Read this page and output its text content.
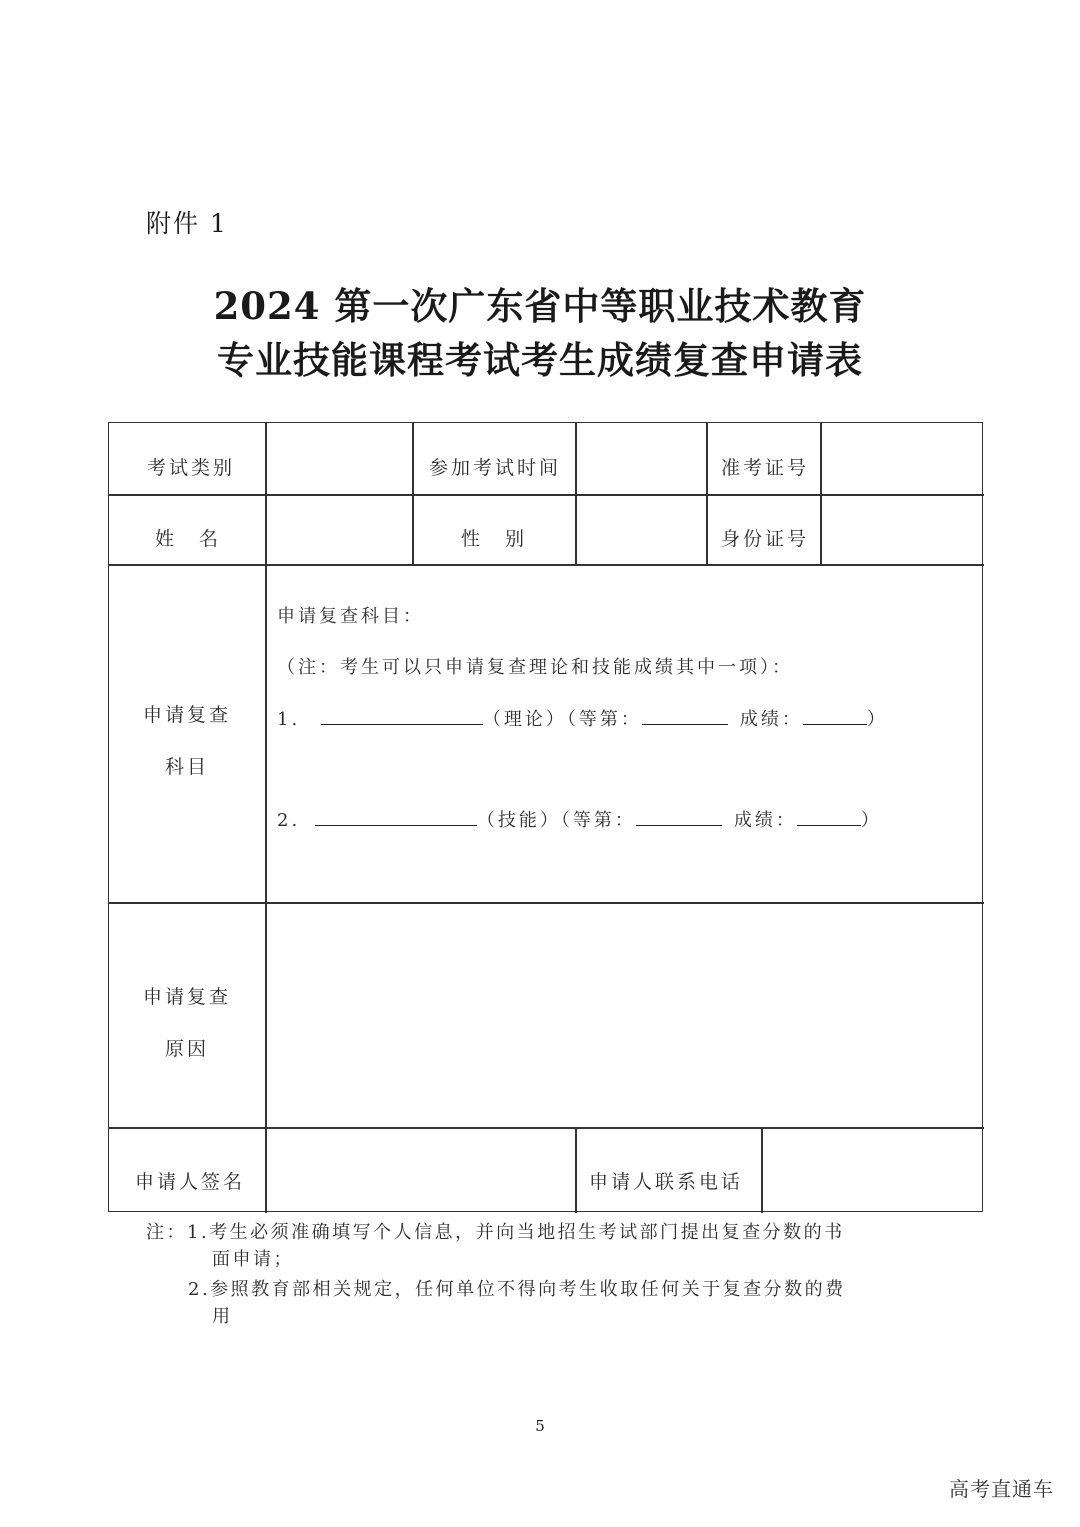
附件 1
2024 第一次广东省中等职业技术教育
专业技能课程考试考生成绩复查申请表
考试类别	参加考试时间	准考证号
姓　名	性　别	身份证号
申请复查
科目
申请复查科目：
（注：考生可以只申请复查理论和技能成绩其中一项）：
1.	（理论）（等第：	成绩：	）
2.	（技能）（等第：	成绩：	）
申请复查
原因
申请人签名	申请人联系电话
注：1.考生必须准确填写个人信息，并向当地招生考试部门提出复查分数的书
面申请；
2.参照教育部相关规定，任何单位不得向考生收取任何关于复查分数的费
用
5
高考直通车
